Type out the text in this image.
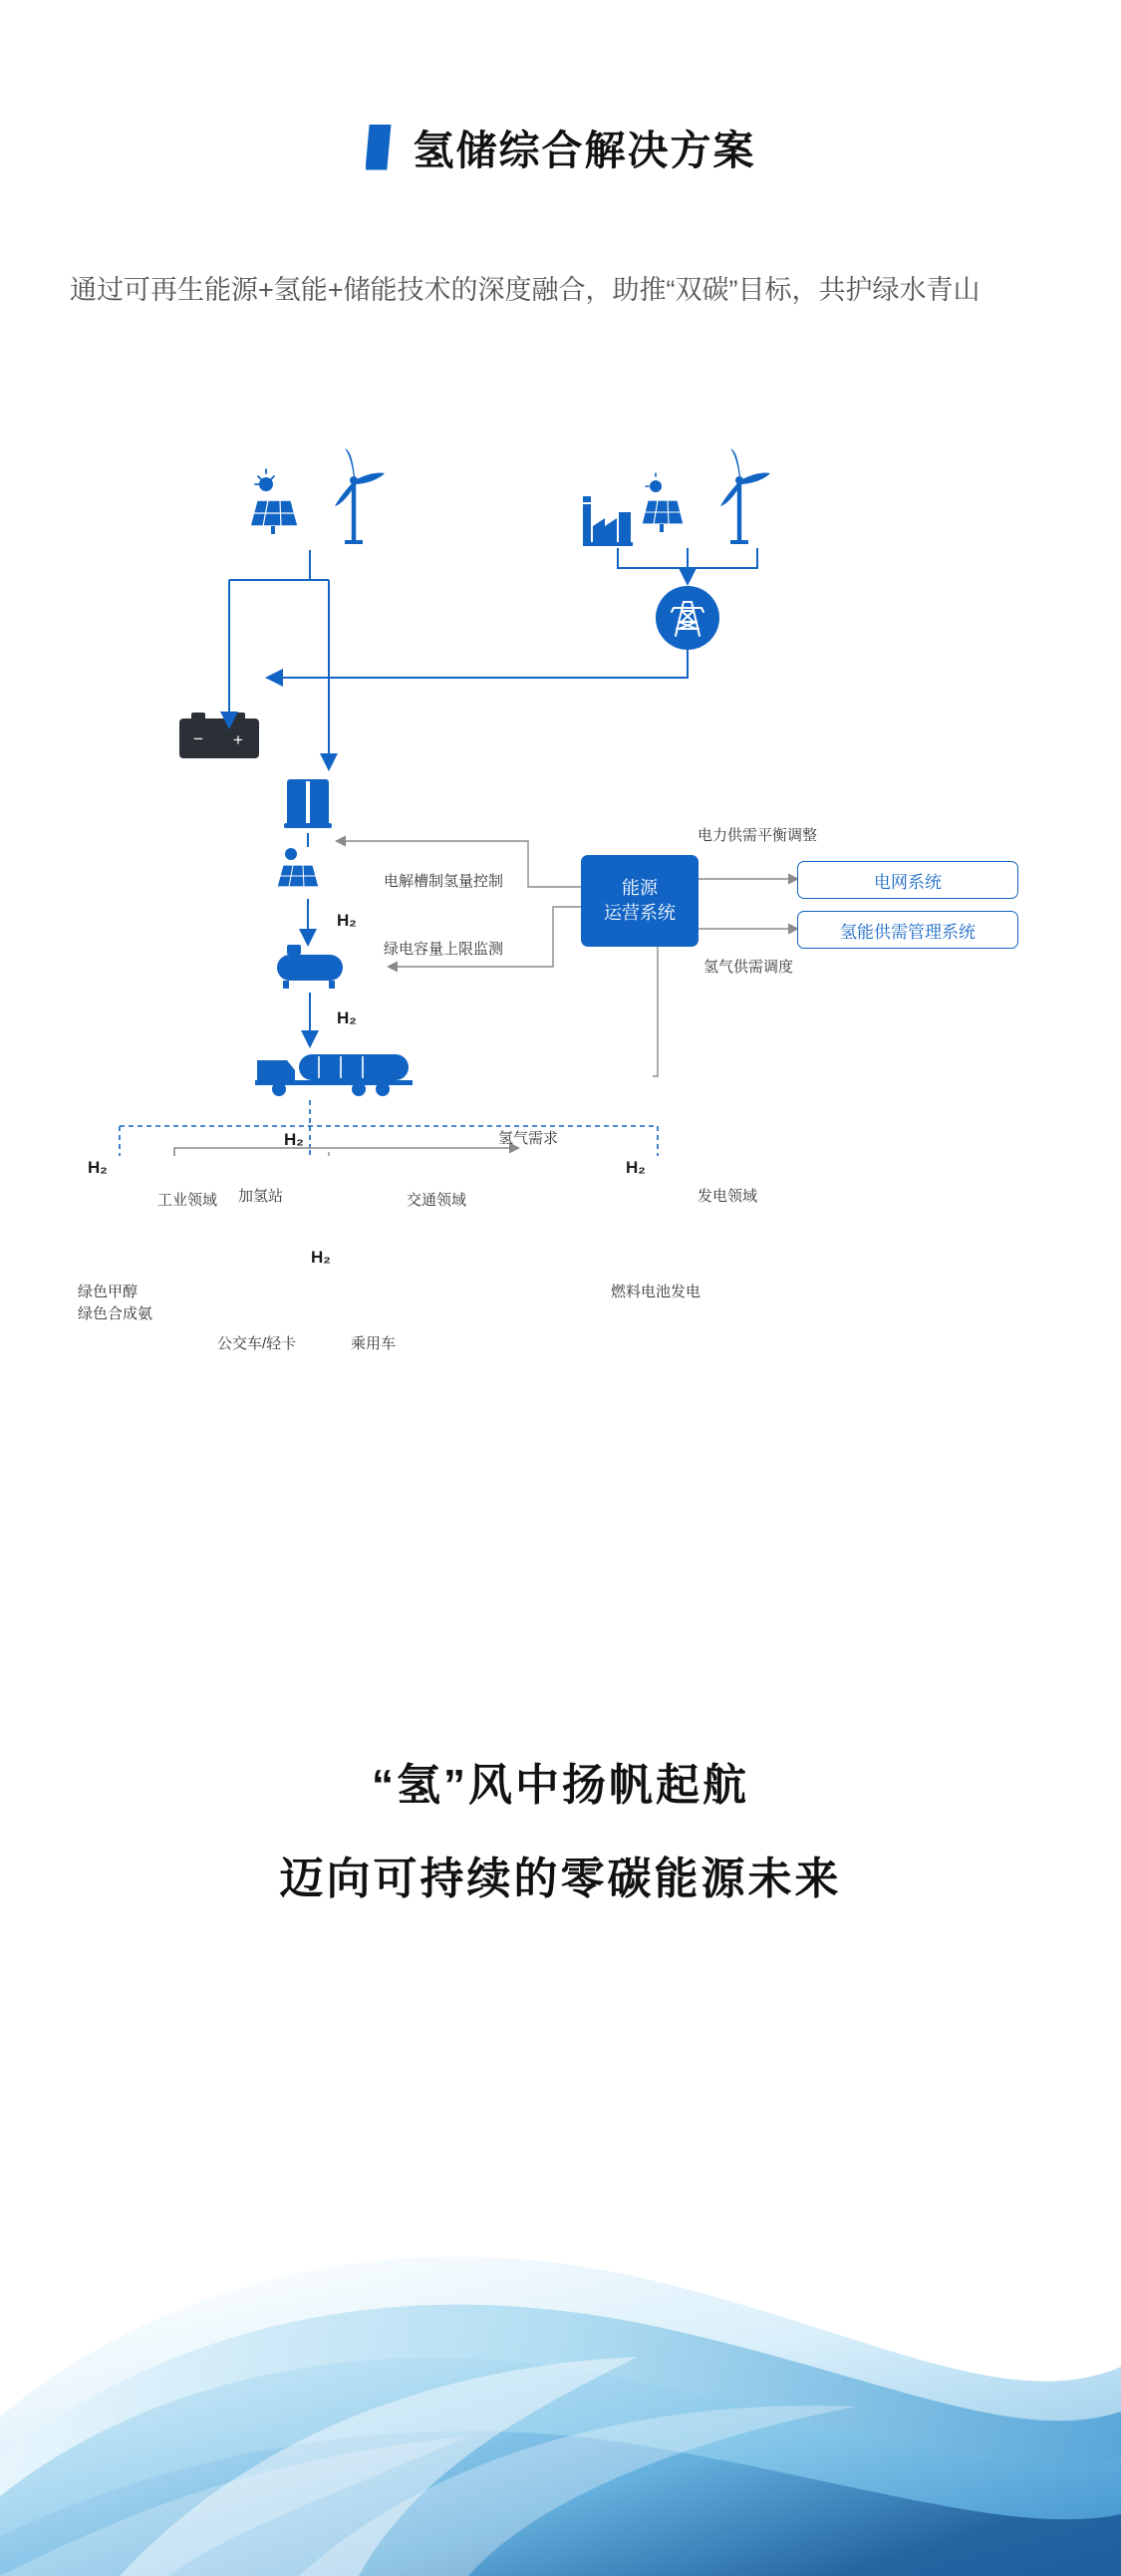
氢储综合解决方案
通过可再生能源+氢能+储能技术的深度融合，助推“双碳”目标，共护绿水青山
− +
电解槽制氢量控制
绿电容量上限监测
电力供需平衡调整
氢气供需调度
氢气需求
H₂
H₂
H₂
H₂	H₂
H₂
工业领域	交通领域	发电领域
加氢站
绿色甲醇
绿色合成氨
公交车/轻卡	乘用车
燃料电池发电
能源
运营系统
电网系统
氢能供需管理系统
“氢”风中扬帆起航
迈向可持续的零碳能源未来
